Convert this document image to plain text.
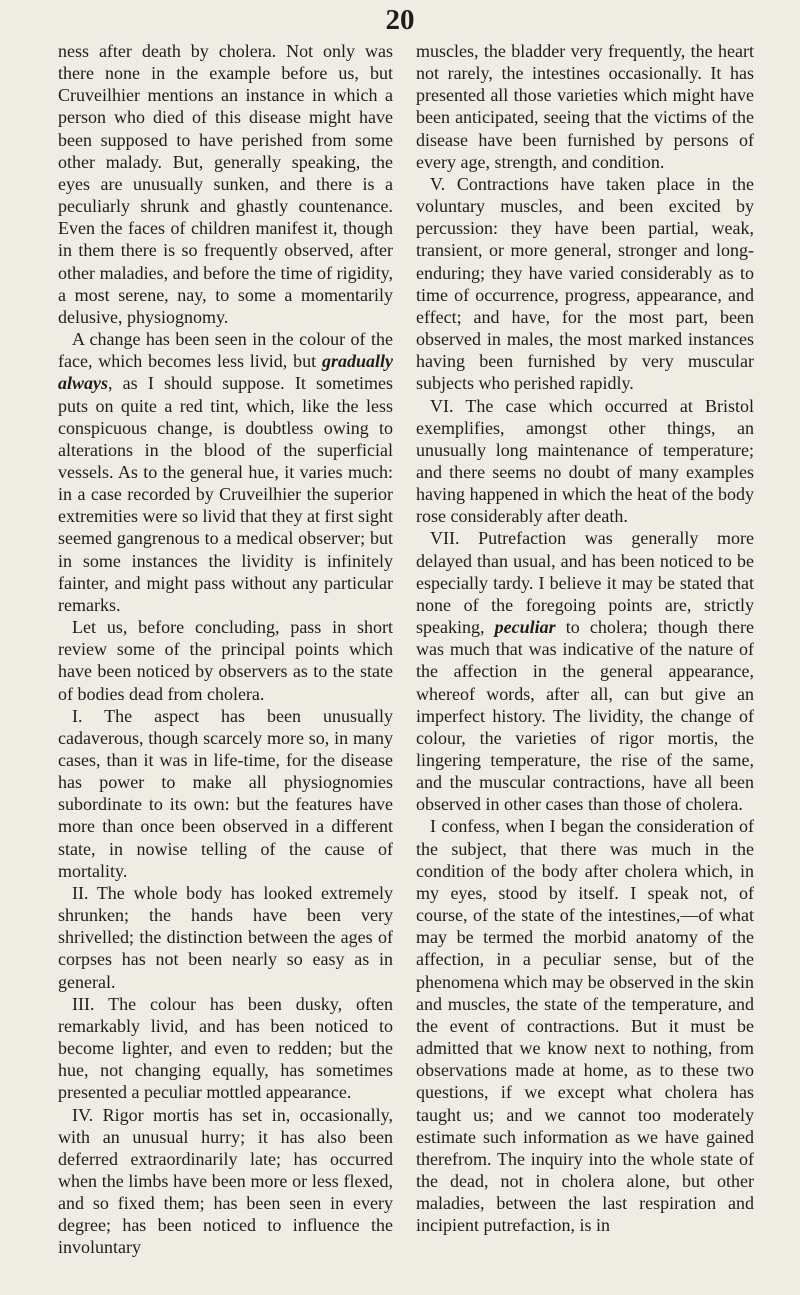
20

ness after death by cholera. Not only was there none in the example before us, but Cruveilhier mentions an instance in which a person who died of this disease might have been supposed to have perished from some other malady. But, generally speaking, the eyes are unusually sunken, and there is a peculiarly shrunk and ghastly countenance. Even the faces of children manifest it, though in them there is so frequently observed, after other maladies, and before the time of rigidity, a most serene, nay, to some a momentarily delusive, physiognomy.

A change has been seen in the colour of the face, which becomes less livid, but gradually always, as I should suppose. It sometimes puts on quite a red tint, which, like the less conspicuous change, is doubtless owing to alterations in the blood of the superficial vessels. As to the general hue, it varies much: in a case recorded by Cruveilhier the superior extremities were so livid that they at first sight seemed gangrenous to a medical observer; but in some instances the lividity is infinitely fainter, and might pass without any particular remarks.

Let us, before concluding, pass in short review some of the principal points which have been noticed by observers as to the state of bodies dead from cholera.

I. The aspect has been unusually cadaverous, though scarcely more so, in many cases, than it was in life-time, for the disease has power to make all physiognomies subordinate to its own: but the features have more than once been observed in a different state, in nowise telling of the cause of mortality.

II. The whole body has looked extremely shrunken; the hands have been very shrivelled; the distinction between the ages of corpses has not been nearly so easy as in general.

III. The colour has been dusky, often remarkably livid, and has been noticed to become lighter, and even to redden; but the hue, not changing equally, has sometimes presented a peculiar mottled appearance.

IV. Rigor mortis has set in, occasionally, with an unusual hurry; it has also been deferred extraordinarily late; has occurred when the limbs have been more or less flexed, and so fixed them; has been seen in every degree; has been noticed to influence the involuntary

muscles, the bladder very frequently, the heart not rarely, the intestines occasionally. It has presented all those varieties which might have been anticipated, seeing that the victims of the disease have been furnished by persons of every age, strength, and condition.

V. Contractions have taken place in the voluntary muscles, and been excited by percussion: they have been partial, weak, transient, or more general, stronger and long-enduring; they have varied considerably as to time of occurrence, progress, appearance, and effect; and have, for the most part, been observed in males, the most marked instances having been furnished by very muscular subjects who perished rapidly.

VI. The case which occurred at Bristol exemplifies, amongst other things, an unusually long maintenance of temperature; and there seems no doubt of many examples having happened in which the heat of the body rose considerably after death.

VII. Putrefaction was generally more delayed than usual, and has been noticed to be especially tardy. I believe it may be stated that none of the foregoing points are, strictly speaking, peculiar to cholera; though there was much that was indicative of the nature of the affection in the general appearance, whereof words, after all, can but give an imperfect history. The lividity, the change of colour, the varieties of rigor mortis, the lingering temperature, the rise of the same, and the muscular contractions, have all been observed in other cases than those of cholera.

I confess, when I began the consideration of the subject, that there was much in the condition of the body after cholera which, in my eyes, stood by itself. I speak not, of course, of the state of the intestines,—of what may be termed the morbid anatomy of the affection, in a peculiar sense, but of the phenomena which may be observed in the skin and muscles, the state of the temperature, and the event of contractions. But it must be admitted that we know next to nothing, from observations made at home, as to these two questions, if we except what cholera has taught us; and we cannot too moderately estimate such information as we have gained therefrom. The inquiry into the whole state of the dead, not in cholera alone, but other maladies, between the last respiration and incipient putrefaction, is in
